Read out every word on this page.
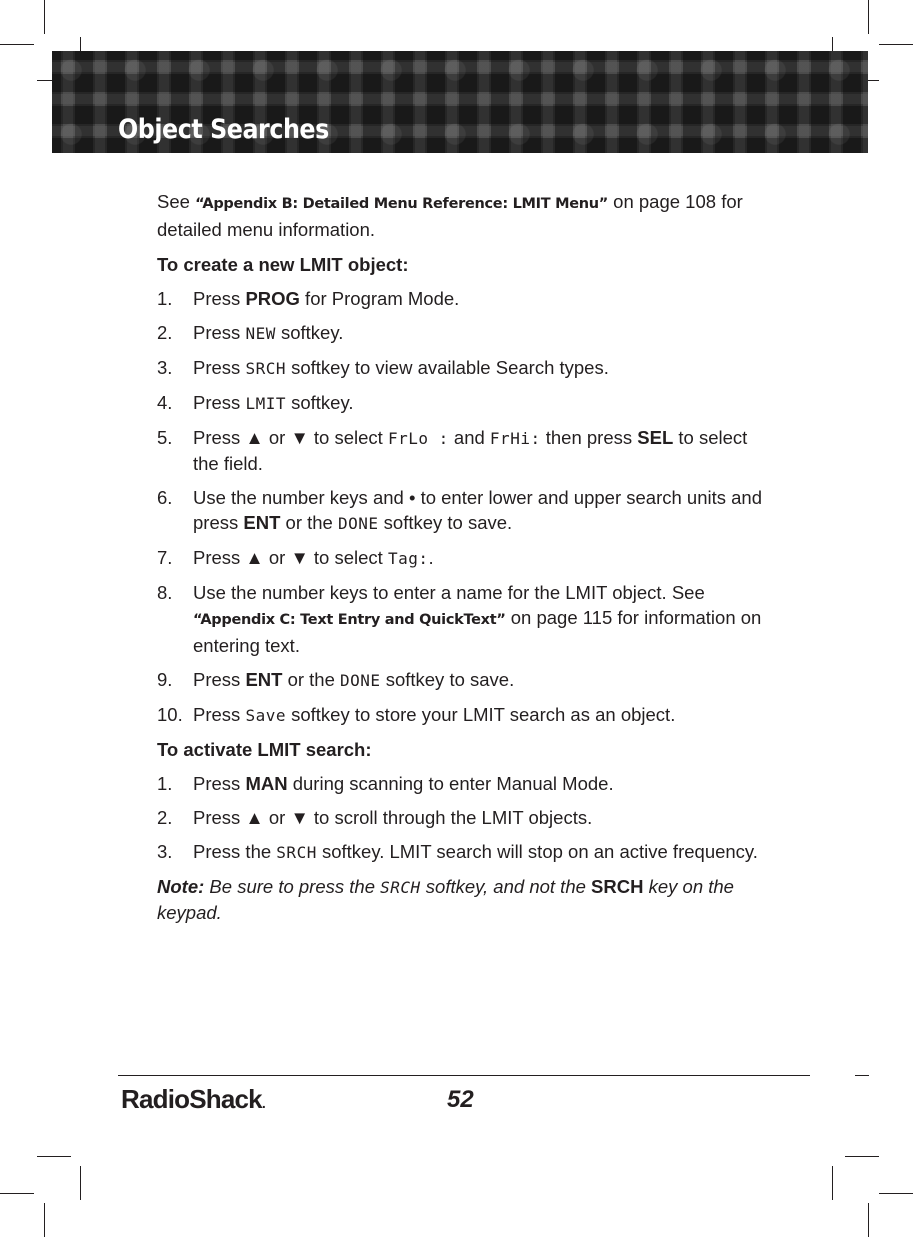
Object Searches

See “Appendix B: Detailed Menu Reference: LMIT Menu” on page 108 for detailed menu information.

To create a new LMIT object:

1. Press PROG for Program Mode.
2. Press NEW softkey.
3. Press SRCH softkey to view available Search types.
4. Press LMIT softkey.
5. Press ▲ or ▼ to select FrLo : and FrHi: then press SEL to select the field.
6. Use the number keys and • to enter lower and upper search units and press ENT or the DONE softkey to save.
7. Press ▲ or ▼ to select Tag:.
8. Use the number keys to enter a name for the LMIT object. See “Appendix C: Text Entry and QuickText” on page 115 for information on entering text.
9. Press ENT or the DONE softkey to save.
10. Press Save softkey to store your LMIT search as an object.

To activate LMIT search:

1. Press MAN during scanning to enter Manual Mode.
2. Press ▲ or ▼ to scroll through the LMIT objects.
3. Press the SRCH softkey. LMIT search will stop on an active frequency.

Note: Be sure to press the SRCH softkey, and not the SRCH key on the keypad.

RadioShack.	52
